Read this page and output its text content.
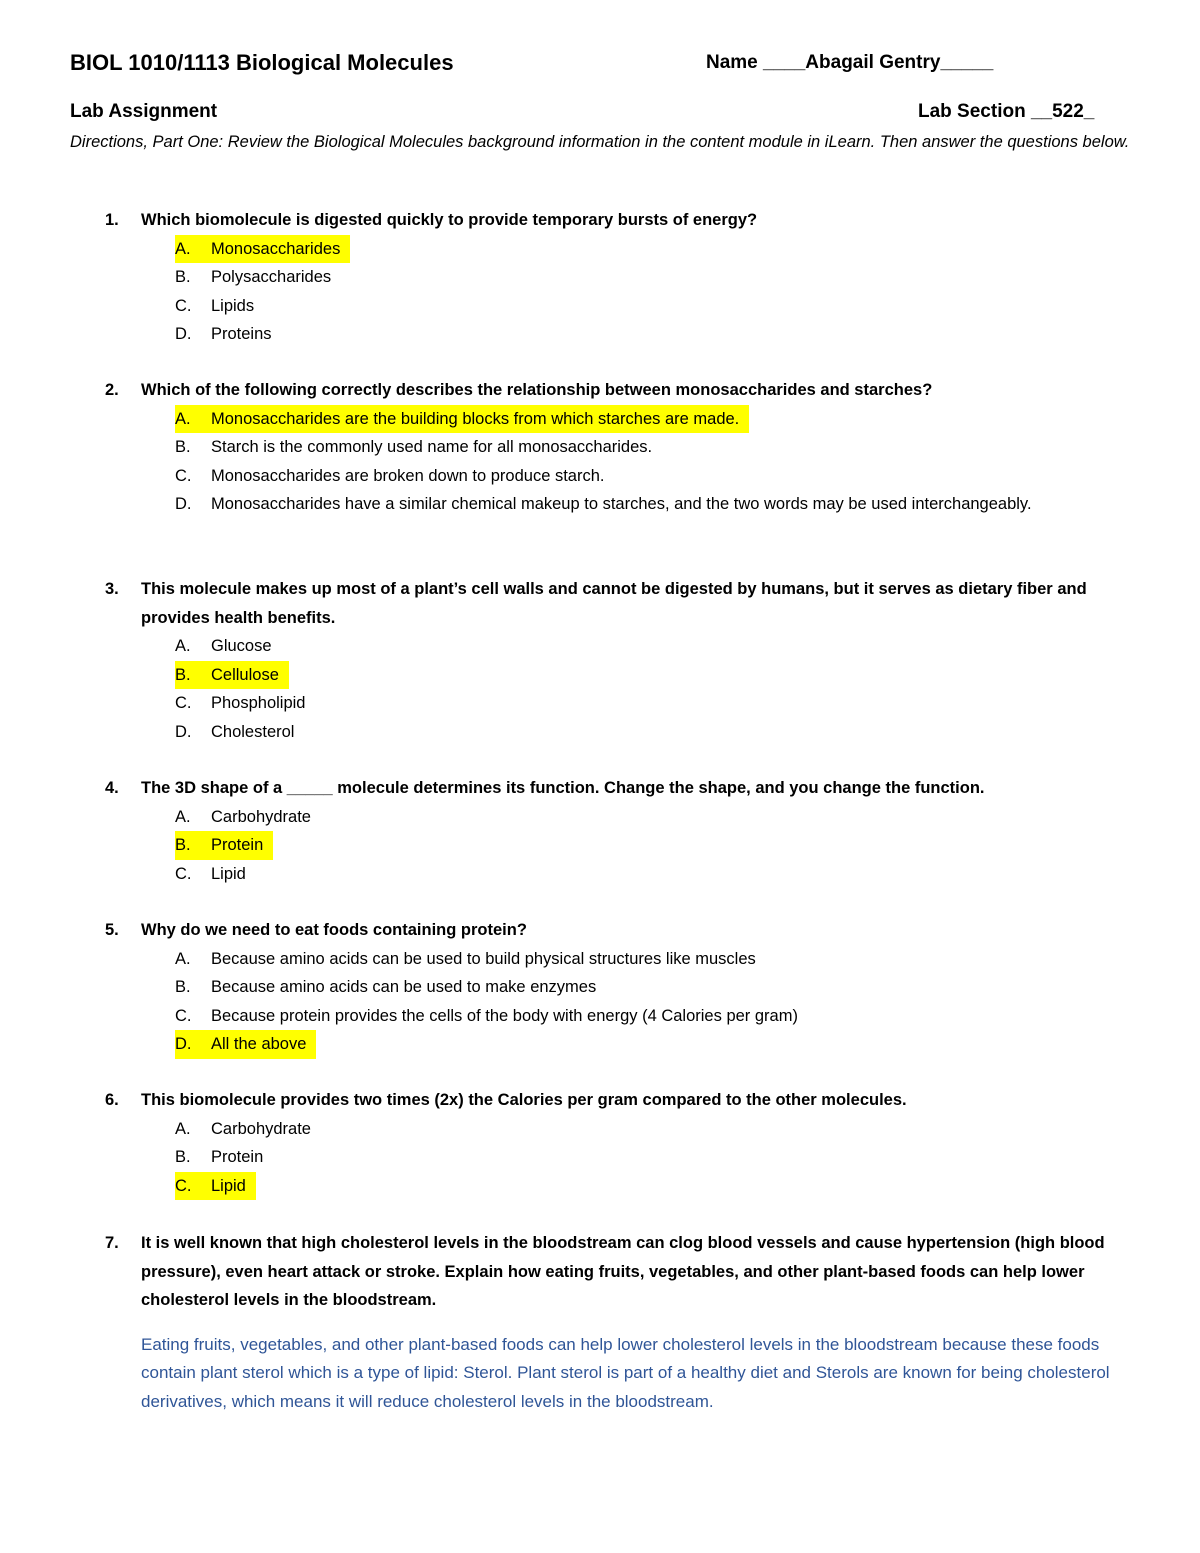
BIOL 1010/1113 Biological Molecules	Name ____Abagail Gentry_____
Lab Assignment	Lab Section __522_
Directions, Part One: Review the Biological Molecules background information in the content module in iLearn. Then answer the questions below.
1.	Which biomolecule is digested quickly to provide temporary bursts of energy?
A.	Monosaccharides
B.	Polysaccharides
C.	Lipids
D.	Proteins
2.	Which of the following correctly describes the relationship between monosaccharides and starches?
A.	Monosaccharides are the building blocks from which starches are made.
B.	Starch is the commonly used name for all monosaccharides.
C.	Monosaccharides are broken down to produce starch.
D.	Monosaccharides have a similar chemical makeup to starches, and the two words may be used interchangeably.
3.	This molecule makes up most of a plant’s cell walls and cannot be digested by humans, but it serves as dietary fiber and provides health benefits.
A.	Glucose
B.	Cellulose
C.	Phospholipid
D.	Cholesterol
4.	The 3D shape of a _____ molecule determines its function. Change the shape, and you change the function.
A.	Carbohydrate
B.	Protein
C.	Lipid
5.	Why do we need to eat foods containing protein?
A.	Because amino acids can be used to build physical structures like muscles
B.	Because amino acids can be used to make enzymes
C.	Because protein provides the cells of the body with energy (4 Calories per gram)
D.	All the above
6.	This biomolecule provides two times (2x) the Calories per gram compared to the other molecules.
A.	Carbohydrate
B.	Protein
C.	Lipid
7.	It is well known that high cholesterol levels in the bloodstream can clog blood vessels and cause hypertension (high blood pressure), even heart attack or stroke. Explain how eating fruits, vegetables, and other plant-based foods can help lower cholesterol levels in the bloodstream.
Eating fruits, vegetables, and other plant-based foods can help lower cholesterol levels in the bloodstream because these foods contain plant sterol which is a type of lipid: Sterol. Plant sterol is part of a healthy diet and Sterols are known for being cholesterol derivatives, which means it will reduce cholesterol levels in the bloodstream.
